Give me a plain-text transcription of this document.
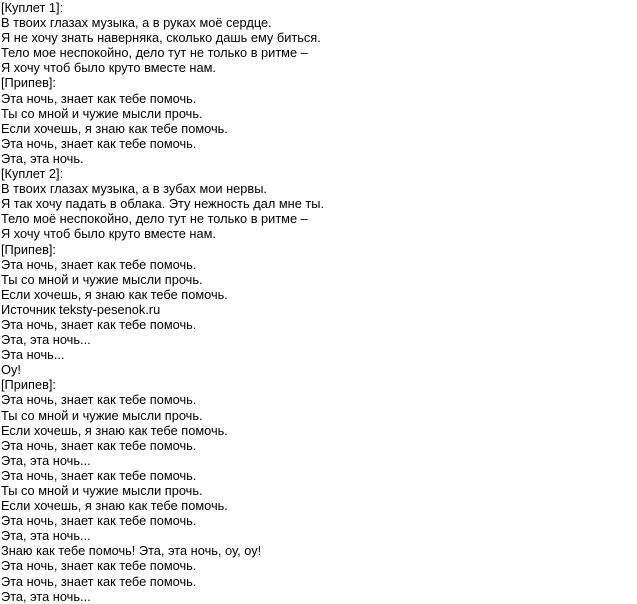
[Куплет 1]:
В твоих глазах музыка, а в руках моё сердце.
Я не хочу знать наверняка, сколько дашь ему биться.
Тело мое неспокойно, дело тут не только в ритме –
Я хочу чтоб было круто вместе нам.
[Припев]:
Эта ночь, знает как тебе помочь.
Ты со мной и чужие мысли прочь.
Если хочешь, я знаю как тебе помочь.
Эта ночь, знает как тебе помочь.
Эта, эта ночь.
[Куплет 2]:
В твоих глазах музыка, а в зубах мои нервы.
Я так хочу падать в облака. Эту нежность дал мне ты.
Тело моё неспокойно, дело тут не только в ритме –
Я хочу чтоб было круто вместе нам.
[Припев]:
Эта ночь, знает как тебе помочь.
Ты со мной и чужие мысли прочь.
Если хочешь, я знаю как тебе помочь.
Источник teksty-pesenok.ru
Эта ночь, знает как тебе помочь.
Эта, эта ночь...
Эта ночь...
Оу!
[Припев]:
Эта ночь, знает как тебе помочь.
Ты со мной и чужие мысли прочь.
Если хочешь, я знаю как тебе помочь.
Эта ночь, знает как тебе помочь.
Эта, эта ночь...
Эта ночь, знает как тебе помочь.
Ты со мной и чужие мысли прочь.
Если хочешь, я знаю как тебе помочь.
Эта ночь, знает как тебе помочь.
Эта, эта ночь...
Знаю как тебе помочь! Эта, эта ночь, оу, оу!
Эта ночь, знает как тебе помочь.
Эта ночь, знает как тебе помочь.
Эта, эта ночь...
